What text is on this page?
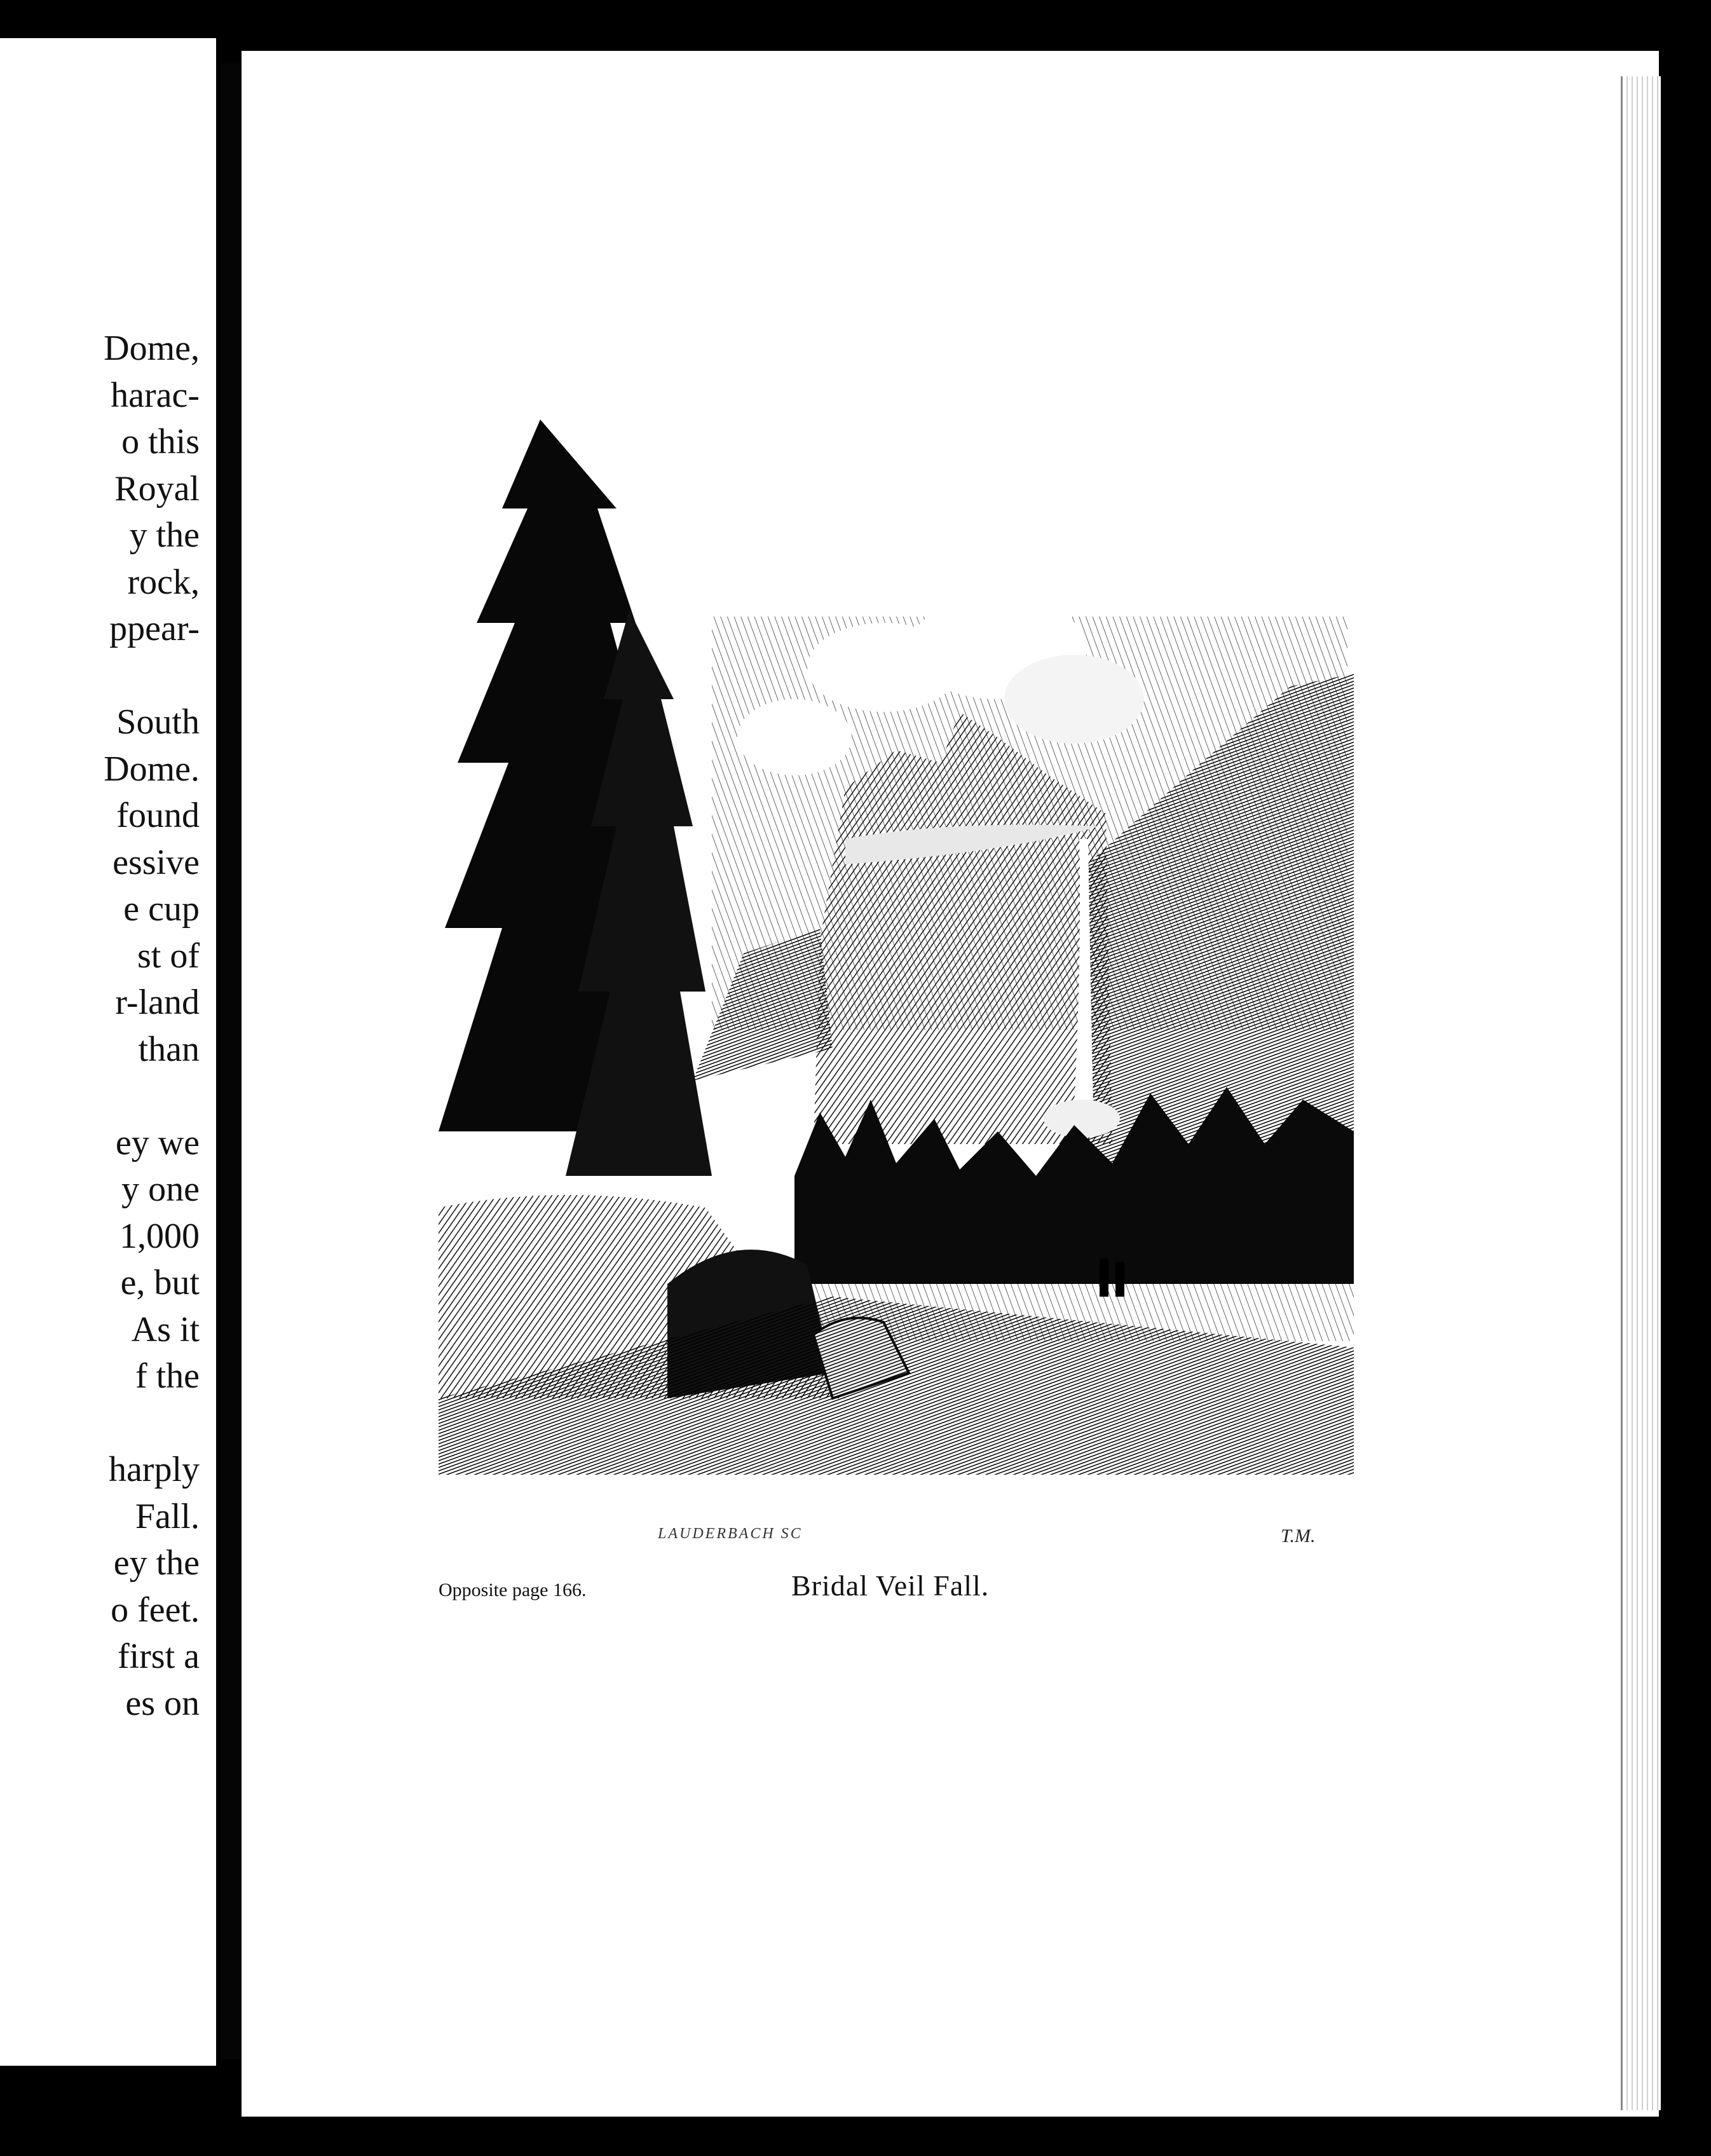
Dome,
harac-
o this
Royal
y the
rock,
ppear-
South
Dome.
found
essive
e cup
st of
r-land
than
ey we
y one
1,000
e, but
As it
f the
harply
Fall.
ey the
o feet.
first a
es on
LAUDERBACH SC	T.M.
Opposite page 166.	Bridal Veil Fall.
